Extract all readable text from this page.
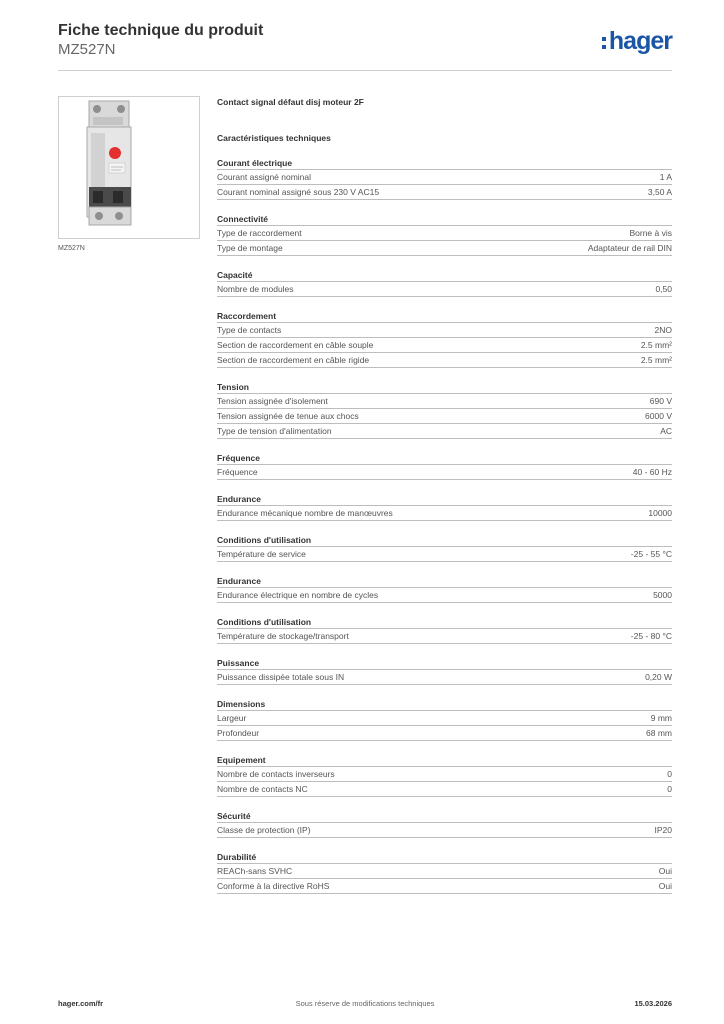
Fiche technique du produit
MZ527N	hager
MZ527N
Contact signal défaut disj moteur 2F
Caractéristiques techniques
Courant électrique
Courant assigné nominal	1 A
Courant nominal assigné sous 230 V AC15	3,50 A
Connectivité
Type de raccordement	Borne à vis
Type de montage	Adaptateur de rail DIN
Capacité
Nombre de modules	0,50
Raccordement
Type de contacts	2NO
Section de raccordement en câble souple	2.5 mm²
Section de raccordement en câble rigide	2.5 mm²
Tension
Tension assignée d'isolement	690 V
Tension assignée de tenue aux chocs	6000 V
Type de tension d'alimentation	AC
Fréquence
Fréquence	40 - 60 Hz
Endurance
Endurance mécanique nombre de manœuvres	10000
Conditions d'utilisation
Température de service	-25 - 55 °C
Endurance
Endurance électrique en nombre de cycles	5000
Conditions d'utilisation
Température de stockage/transport	-25 - 80 °C
Puissance
Puissance dissipée totale sous IN	0,20 W
Dimensions
Largeur	9 mm
Profondeur	68 mm
Equipement
Nombre de contacts inverseurs	0
Nombre de contacts NC	0
Sécurité
Classe de protection (IP)	IP20
Durabilité
REACh-sans SVHC	Oui
Conforme à la directive RoHS	Oui
hager.com/fr	Sous réserve de modifications techniques	15.03.2026
